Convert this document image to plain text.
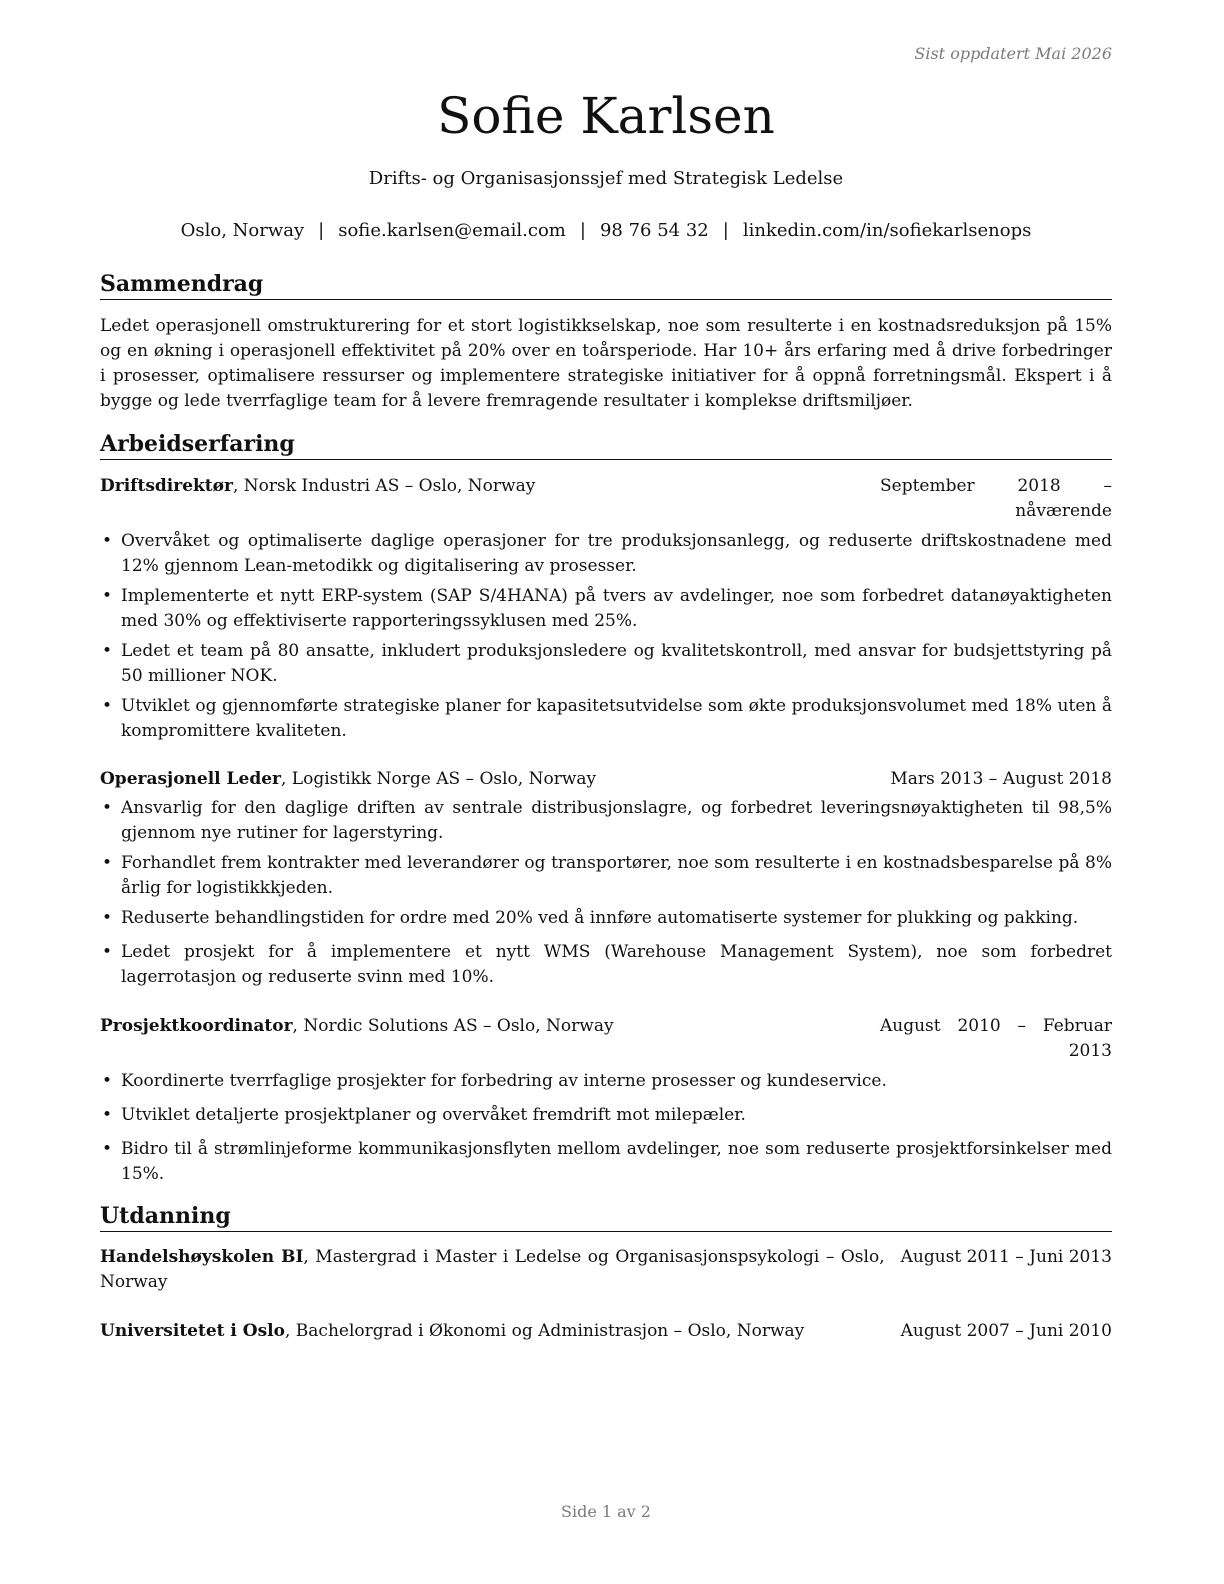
Sist oppdatert Mai 2026
Sofie Karlsen
Drifts- og Organisasjonssjef med Strategisk Ledelse
Oslo, Norway | sofie.karlsen@email.com | 98 76 54 32 | linkedin.com/in/sofiekarlsenops
Sammendrag
Ledet operasjonell omstrukturering for et stort logistikkselskap, noe som resulterte i en kostnadsreduksjon på 15% og en økning i operasjonell effektivitet på 20% over en toårsperiode. Har 10+ års erfaring med å drive forbedringer i prosesser, optimalisere ressurser og implementere strategiske initiativer for å oppnå forretningsmål. Ekspert i å bygge og lede tverrfaglige team for å levere fremragende resultater i komplekse driftsmiljøer.
Arbeidserfaring
Driftsdirektør, Norsk Industri AS – Oslo, Norway	September 2018 – nåværende
• Overvåket og optimaliserte daglige operasjoner for tre produksjonsanlegg, og reduserte driftskostnadene med 12% gjennom Lean-metodikk og digitalisering av prosesser.
• Implementerte et nytt ERP-system (SAP S/4HANA) på tvers av avdelinger, noe som forbedret datanøyaktigheten med 30% og effektiviserte rapporteringssyklusen med 25%.
• Ledet et team på 80 ansatte, inkludert produksjonsledere og kvalitetskontroll, med ansvar for budsjettstyring på 50 millioner NOK.
• Utviklet og gjennomførte strategiske planer for kapasitetsutvidelse som økte produksjonsvolumet med 18% uten å kompromittere kvaliteten.
Operasjonell Leder, Logistikk Norge AS – Oslo, Norway	Mars 2013 – August 2018
• Ansvarlig for den daglige driften av sentrale distribusjonslagre, og forbedret leveringsnøyaktigheten til 98,5% gjennom nye rutiner for lagerstyring.
• Forhandlet frem kontrakter med leverandører og transportører, noe som resulterte i en kostnadsbesparelse på 8% årlig for logistikkkjeden.
• Reduserte behandlingstiden for ordre med 20% ved å innføre automatiserte systemer for plukking og pakking.
• Ledet prosjekt for å implementere et nytt WMS (Warehouse Management System), noe som forbedret lagerrotasjon og reduserte svinn med 10%.
Prosjektkoordinator, Nordic Solutions AS – Oslo, Norway	August 2010 – Februar 2013
• Koordinerte tverrfaglige prosjekter for forbedring av interne prosesser og kundeservice.
• Utviklet detaljerte prosjektplaner og overvåket fremdrift mot milepæler.
• Bidro til å strømlinjeforme kommunikasjonsflyten mellom avdelinger, noe som reduserte prosjektforsinkelser med 15%.
Utdanning
Handelshøyskolen BI, Mastergrad i Master i Ledelse og Organisasjonspsykologi – Oslo, Norway
August 2011 – Juni 2013
Universitetet i Oslo, Bachelorgrad i Økonomi og Administrasjon – Oslo, Norway	August 2007 – Juni 2010
Side 1 av 2
